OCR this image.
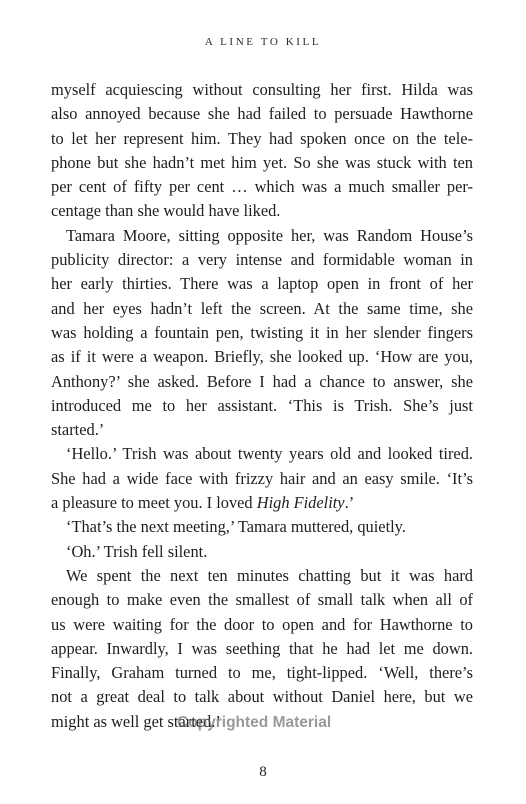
A LINE TO KILL
myself acquiescing without consulting her first. Hilda was
also annoyed because she had failed to persuade Hawthorne
to let her represent him. They had spoken once on the tele-
phone but she hadn’t met him yet. So she was stuck with ten
per cent of fifty per cent … which was a much smaller per-
centage than she would have liked.
Tamara Moore, sitting opposite her, was Random House’s
publicity director: a very intense and formidable woman in
her early thirties. There was a laptop open in front of her
and her eyes hadn’t left the screen. At the same time, she
was holding a fountain pen, twisting it in her slender fingers
as if it were a weapon. Briefly, she looked up. ‘How are you,
Anthony?’ she asked. Before I had a chance to answer, she
introduced me to her assistant. ‘This is Trish. She’s just
started.’
‘Hello.’ Trish was about twenty years old and looked tired.
She had a wide face with frizzy hair and an easy smile. ‘It’s
a pleasure to meet you. I loved High Fidelity.’
‘That’s the next meeting,’ Tamara muttered, quietly.
‘Oh.’ Trish fell silent.
We spent the next ten minutes chatting but it was hard
enough to make even the smallest of small talk when all of
us were waiting for the door to open and for Hawthorne to
appear. Inwardly, I was seething that he had let me down.
Finally, Graham turned to me, tight-lipped. ‘Well, there’s
not a great deal to talk about without Daniel here, but we
might as well get started.’
Copyrighted Material
8
